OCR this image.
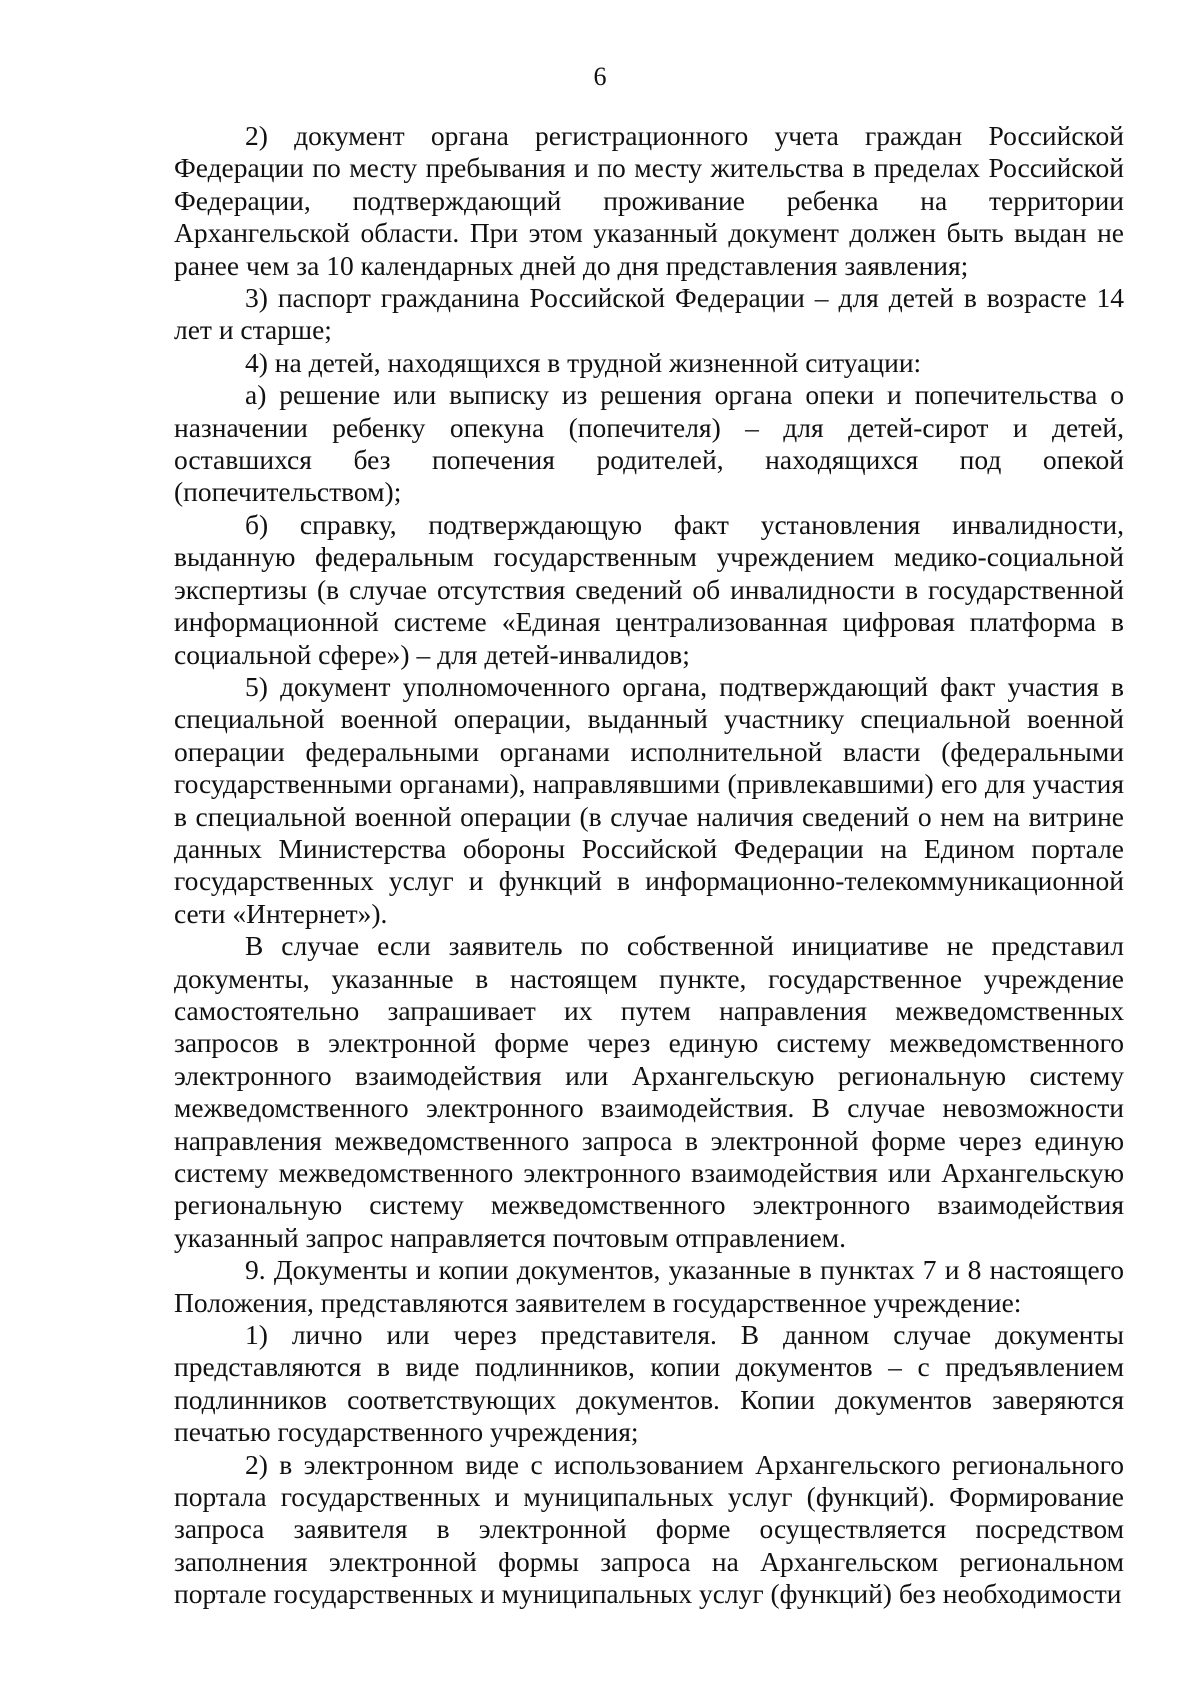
6

2) документ органа регистрационного учета граждан Российской Федерации по месту пребывания и по месту жительства в пределах Российской Федерации, подтверждающий проживание ребенка на территории Архангельской области. При этом указанный документ должен быть выдан не ранее чем за 10 календарных дней до дня представления заявления;

3) паспорт гражданина Российской Федерации – для детей в возрасте 14 лет и старше;

4) на детей, находящихся в трудной жизненной ситуации:

а) решение или выписку из решения органа опеки и попечительства о назначении ребенку опекуна (попечителя) – для детей-сирот и детей, оставшихся без попечения родителей, находящихся под опекой (попечительством);

б) справку, подтверждающую факт установления инвалидности, выданную федеральным государственным учреждением медико-социальной экспертизы (в случае отсутствия сведений об инвалидности в государственной информационной системе «Единая централизованная цифровая платформа в социальной сфере») – для детей-инвалидов;

5) документ уполномоченного органа, подтверждающий факт участия в специальной военной операции, выданный участнику специальной военной операции федеральными органами исполнительной власти (федеральными государственными органами), направлявшими (привлекавшими) его для участия в специальной военной операции (в случае наличия сведений о нем на витрине данных Министерства обороны Российской Федерации на Едином портале государственных услуг и функций в информационно-телекоммуникационной сети «Интернет»).

В случае если заявитель по собственной инициативе не представил документы, указанные в настоящем пункте, государственное учреждение самостоятельно запрашивает их путем направления межведомственных запросов в электронной форме через единую систему межведомственного электронного взаимодействия или Архангельскую региональную систему межведомственного электронного взаимодействия. В случае невозможности направления межведомственного запроса в электронной форме через единую систему межведомственного электронного взаимодействия или Архангельскую региональную систему межведомственного электронного взаимодействия указанный запрос направляется почтовым отправлением.

9. Документы и копии документов, указанные в пунктах 7 и 8 настоящего Положения, представляются заявителем в государственное учреждение:

1) лично или через представителя. В данном случае документы представляются в виде подлинников, копии документов – с предъявлением подлинников соответствующих документов. Копии документов заверяются печатью государственного учреждения;

2) в электронном виде с использованием Архангельского регионального портала государственных и муниципальных услуг (функций). Формирование запроса заявителя в электронной форме осуществляется посредством заполнения электронной формы запроса на Архангельском региональном портале государственных и муниципальных услуг (функций) без необходимости
